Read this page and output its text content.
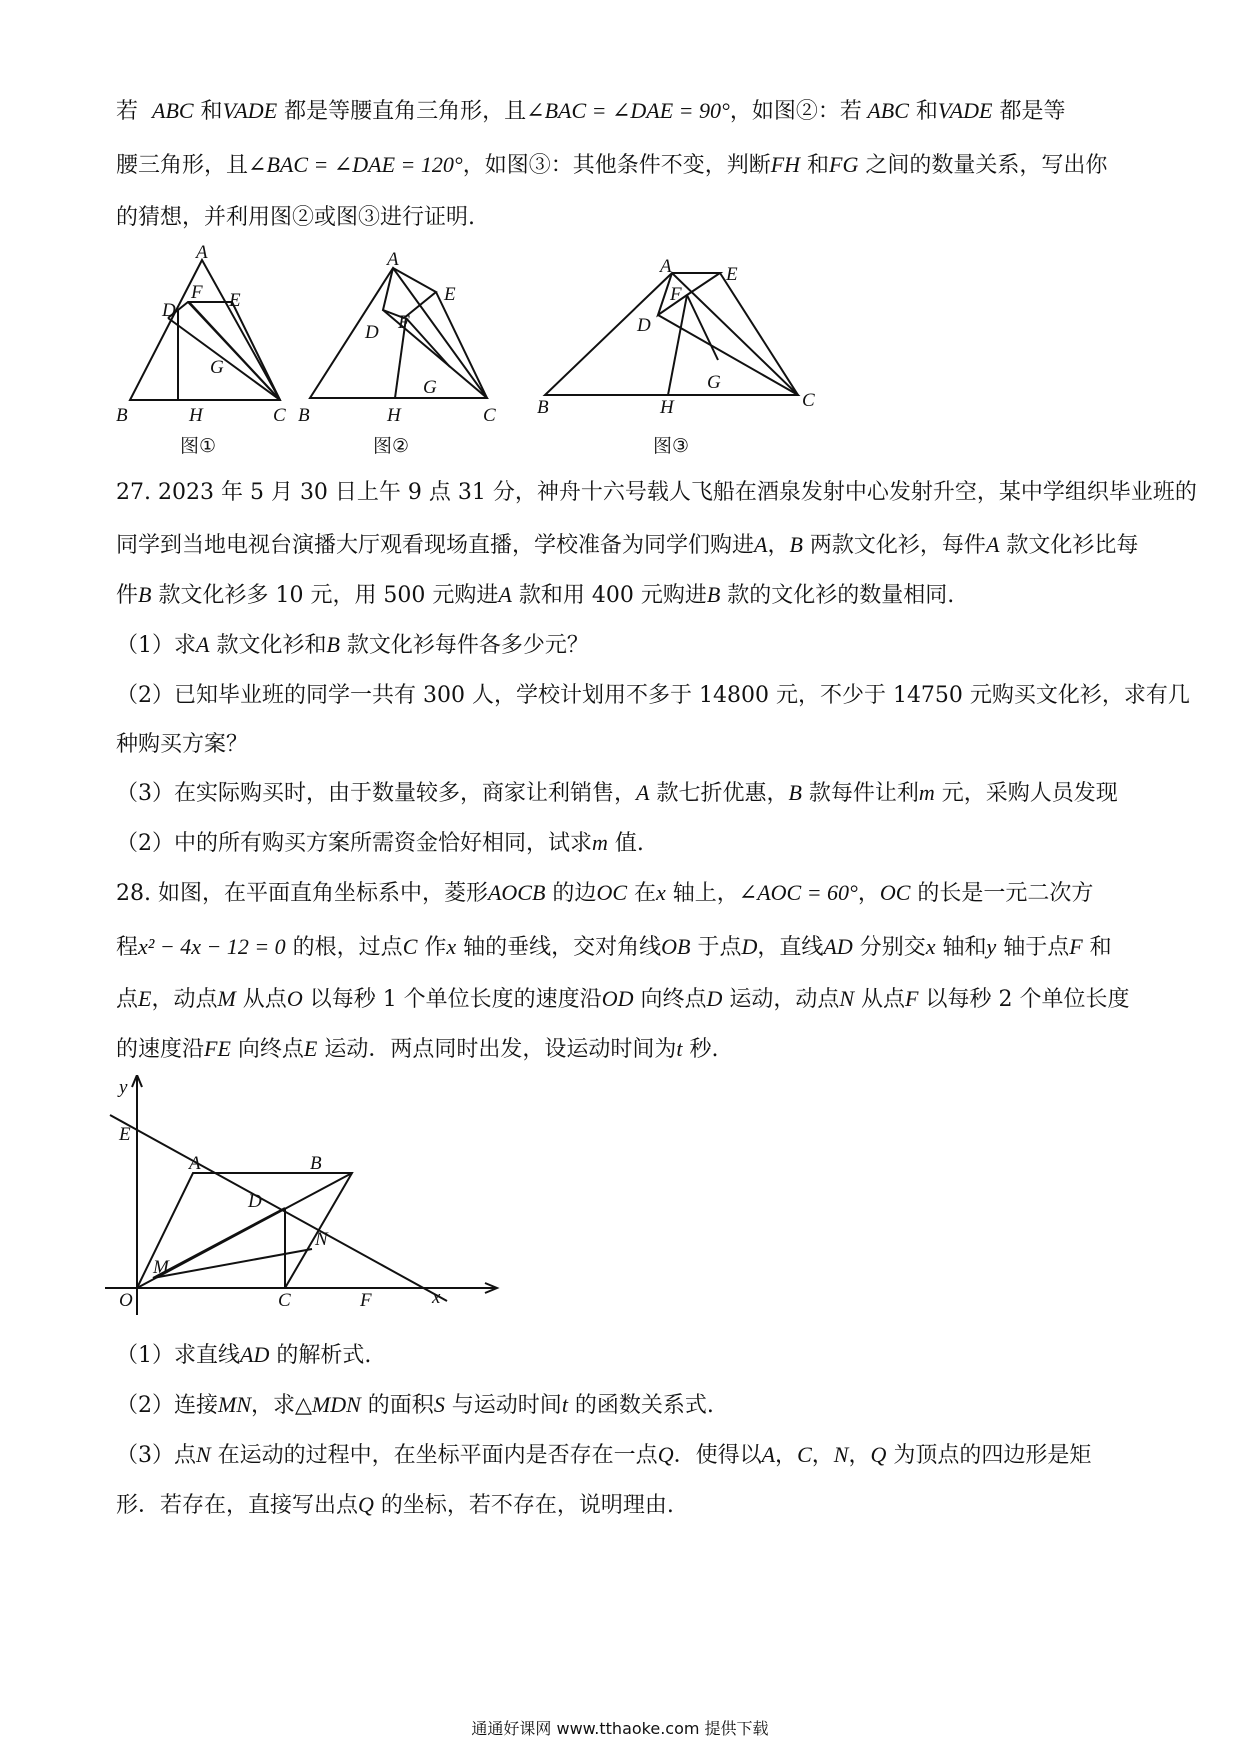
若  ABC 和VADE 都是等腰直角三角形，且∠BAC = ∠DAE = 90°，如图②：若 ABC 和VADE 都是等
腰三角形，且∠BAC = ∠DAE = 120°，如图③：其他条件不变，判断FH 和FG 之间的数量关系，写出你
的猜想，并利用图②或图③进行证明.
A
D
F E
G
B	H	C
图①
A
E
F
D
G
B	H	C
图②
A	E
F
D
G
B	H	C
图③
27. 2023 年 5 月 30 日上午 9 点 31 分，神舟十六号载人飞船在酒泉发射中心发射升空，某中学组织毕业班的
同学到当地电视台演播大厅观看现场直播，学校准备为同学们购进A，B 两款文化衫，每件A 款文化衫比每
件B 款文化衫多 10 元，用 500 元购进A 款和用 400 元购进B 款的文化衫的数量相同.
（1）求A 款文化衫和B 款文化衫每件各多少元？
（2）已知毕业班的同学一共有 300 人，学校计划用不多于 14800 元，不少于 14750 元购买文化衫，求有几
种购买方案？
（3）在实际购买时，由于数量较多，商家让利销售，A 款七折优惠，B 款每件让利m 元，采购人员发现
（2）中的所有购买方案所需资金恰好相同，试求m 值.
28. 如图，在平面直角坐标系中，菱形AOCB 的边OC 在x 轴上，∠AOC = 60°，OC 的长是一元二次方
程x² − 4x − 12 = 0 的根，过点C 作x 轴的垂线，交对角线OB 于点D，直线AD 分别交x 轴和y 轴于点F 和
点E，动点M 从点O 以每秒 1 个单位长度的速度沿OD 向终点D 运动，动点N 从点F 以每秒 2 个单位长度
的速度沿FE 向终点E 运动．两点同时出发，设运动时间为t 秒.
y
x
O	C	F
E
A	B
D
M
N
（1）求直线AD 的解析式.
（2）连接MN，求△MDN 的面积S 与运动时间t 的函数关系式.
（3）点N 在运动的过程中，在坐标平面内是否存在一点Q．使得以A，C，N，Q 为顶点的四边形是矩
形．若存在，直接写出点Q 的坐标，若不存在，说明理由.
通通好课网 www.tthaoke.com 提供下载
